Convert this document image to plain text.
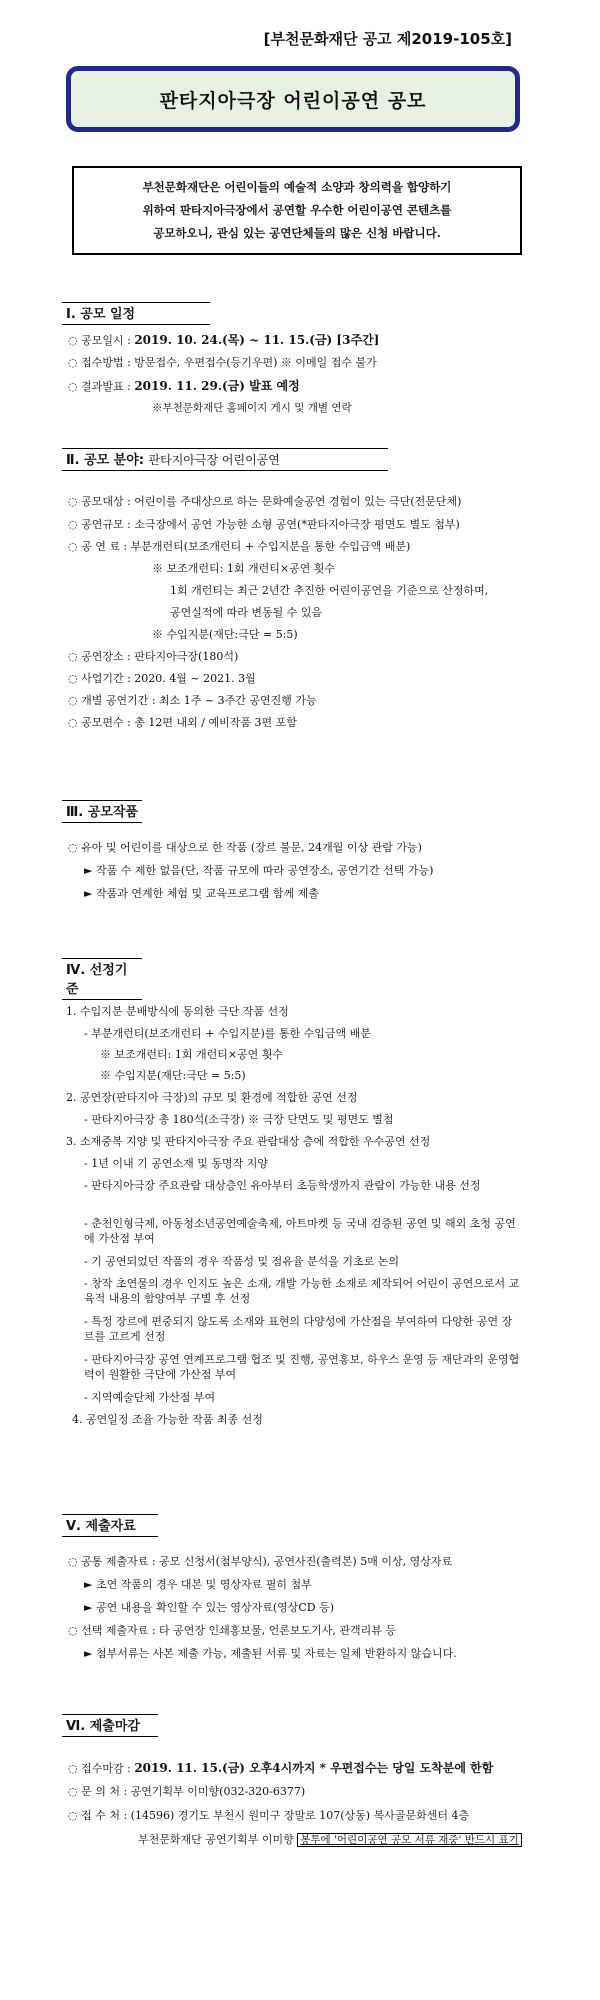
[부천문화재단 공고 제2019-105호]
판타지아극장 어린이공연 공모
부천문화재단은 어린이들의 예술적 소양과 창의력을 함양하기
위하여 판타지아극장에서 공연할 우수한 어린이공연 콘텐츠를
공모하오니, 관심 있는 공연단체들의 많은 신청 바랍니다.
Ⅰ. 공모 일정
◌ 공모일시 : 2019. 10. 24.(목) ~ 11. 15.(금) [3주간]
◌ 접수방법 : 방문접수, 우편접수(등기우편) ※ 이메일 접수 불가
◌ 결과발표 : 2019. 11. 29.(금) 발표 예정
※부천문화재단 홈페이지 게시 및 개별 연락
Ⅱ. 공모 분야: 판타지아극장 어린이공연
◌ 공모대상 : 어린이를 주대상으로 하는 문화예술공연 경험이 있는 극단(전문단체)
◌ 공연규모 : 소극장에서 공연 가능한 소형 공연(*판타지아극장 평면도 별도 첨부)
◌ 공 연 료 : 부분개런티(보조개런티 + 수입지분을 통한 수입금액 배분)
※ 보조개런티: 1회 개런티×공연 횟수
1회 개런티는 최근 2년간 추진한 어린이공연을 기준으로 산정하며,
공연실적에 따라 변동될 수 있음
※ 수입지분(재단:극단 = 5:5)
◌ 공연장소 : 판타지아극장(180석)
◌ 사업기간 : 2020. 4월 ~ 2021. 3월
◌ 개별 공연기간 : 최소 1주 ~ 3주간 공연진행 가능
◌ 공모편수 : 총 12편 내외 / 예비작품 3편 포함
Ⅲ. 공모작품
◌ 유아 및 어린이를 대상으로 한 작품 (장르 불문, 24개월 이상 관람 가능)
► 작품 수 제한 없음(단, 작품 규모에 따라 공연장소, 공연기간 선택 가능)
► 작품과 연계한 체험 및 교육프로그램 함께 제출
Ⅳ. 선정기준
1. 수입지분 분배방식에 동의한 극단 작품 선정
- 부분개런티(보조개런티 + 수입지분)를 통한 수입금액 배분
※ 보조개런티: 1회 개런티×공연 횟수
※ 수입지분(재단:극단 = 5:5)
2. 공연장(판타지아 극장)의 규모 및 환경에 적합한 공연 선정
- 판타지아극장 총 180석(소극장) ※ 극장 단면도 및 평면도 별첨
3. 소재중복 지양 및 판타지아극장 주요 관람대상 층에 적합한 우수공연 선정
- 1년 이내 기 공연소재 및 동명작 지양
- 판타지아극장 주요관람 대상층인 유아부터 초등학생까지 관람이 가능한 내용 선정
- 춘천인형극제, 아동청소년공연예술축제, 아트마켓 등 국내 검증된 공연 및 해외 초청 공연에 가산점 부여
- 기 공연되었던 작품의 경우 작품성 및 점유율 분석을 기초로 논의
- 창작 초연물의 경우 인지도 높은 소재, 개발 가능한 소재로 제작되어 어린이 공연으로서 교육적 내용의 함양여부 구별 후 선정
- 특정 장르에 편중되지 않도록 소재와 표현의 다양성에 가산점을 부여하여 다양한 공연 장르를 고르게 선정
- 판타지아극장 공연 연계프로그램 협조 및 진행, 공연홍보, 하우스 운영 등 재단과의 운영협력이 원활한 극단에 가산점 부여
- 지역예술단체 가산점 부여
4. 공연일정 조율 가능한 작품 최종 선정
Ⅴ. 제출자료
◌ 공통 제출자료 : 공모 신청서(첨부양식), 공연사진(출력본) 5매 이상, 영상자료
► 초연 작품의 경우 대본 및 영상자료 필히 첨부
► 공연 내용을 확인할 수 있는 영상자료(영상CD 등)
◌ 선택 제출자료 : 타 공연장 인쇄홍보물, 언론보도기사, 관객리뷰 등
► 첨부서류는 사본 제출 가능, 제출된 서류 및 자료는 일체 반환하지 않습니다.
Ⅵ. 제출마감
◌ 접수마감 : 2019. 11. 15.(금) 오후4시까지 * 우편접수는 당일 도착분에 한함
◌ 문 의 처 : 공연기획부 이미향(032-320-6377)
◌ 접 수 처 : (14596) 경기도 부천시 원미구 장말로 107(상동) 복사골문화센터 4층
부천문화재단 공연기획부 이미향 봉투에 '어린이공연 공모 서류 재중' 반드시 표기
